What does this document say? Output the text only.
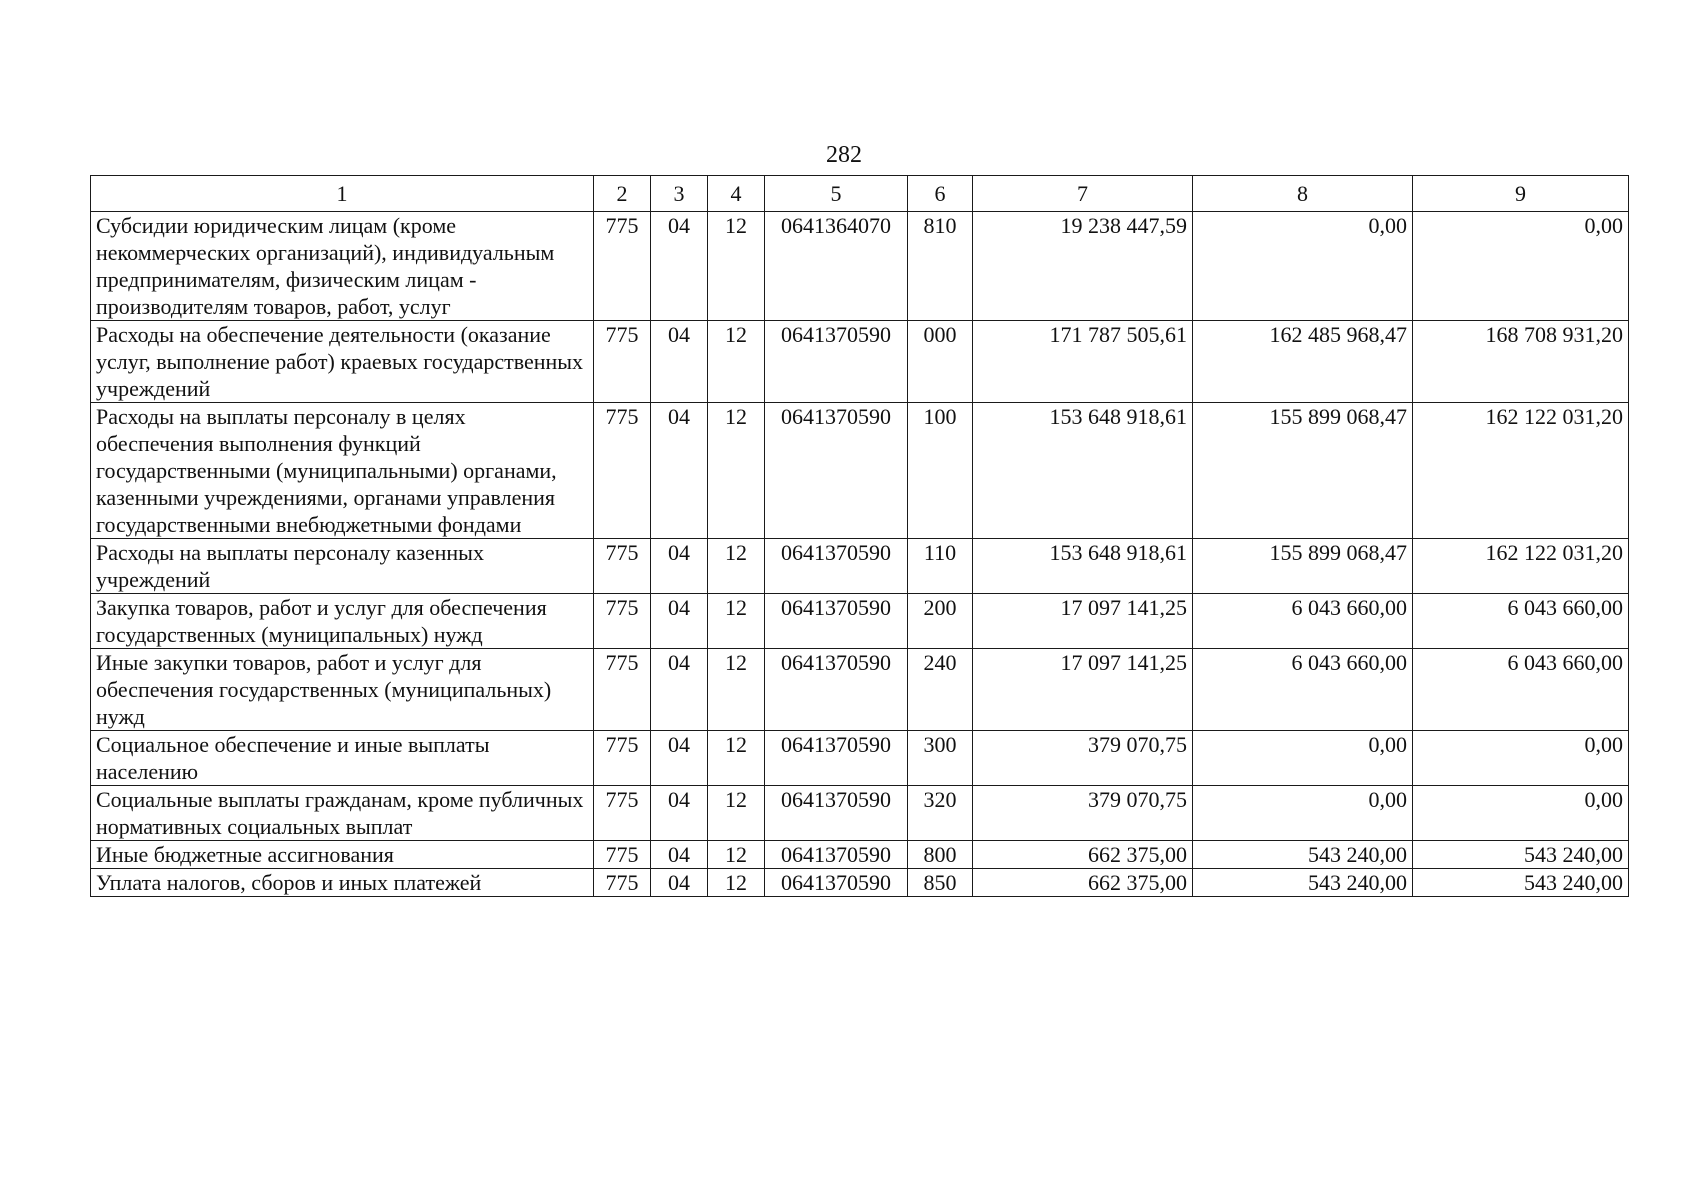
282
1	2	3	4	5	6	7	8	9
Субсидии юридическим лицам (кроме некоммерческих организаций), индивидуальным предпринимателям, физическим лицам - производителям товаров, работ, услуг	775	04	12	0641364070	810	19 238 447,59	0,00	0,00
Расходы на обеспечение деятельности (оказание услуг, выполнение работ) краевых государственных учреждений	775	04	12	0641370590	000	171 787 505,61	162 485 968,47	168 708 931,20
Расходы на выплаты персоналу в целях обеспечения выполнения функций государственными (муниципальными) органами, казенными учреждениями, органами управления государственными внебюджетными фондами	775	04	12	0641370590	100	153 648 918,61	155 899 068,47	162 122 031,20
Расходы на выплаты персоналу казенных учреждений	775	04	12	0641370590	110	153 648 918,61	155 899 068,47	162 122 031,20
Закупка товаров, работ и услуг для обеспечения государственных (муниципальных) нужд	775	04	12	0641370590	200	17 097 141,25	6 043 660,00	6 043 660,00
Иные закупки товаров, работ и услуг для обеспечения государственных (муниципальных) нужд	775	04	12	0641370590	240	17 097 141,25	6 043 660,00	6 043 660,00
Социальное обеспечение и иные выплаты населению	775	04	12	0641370590	300	379 070,75	0,00	0,00
Социальные выплаты гражданам, кроме публичных нормативных социальных выплат	775	04	12	0641370590	320	379 070,75	0,00	0,00
Иные бюджетные ассигнования	775	04	12	0641370590	800	662 375,00	543 240,00	543 240,00
Уплата налогов, сборов и иных платежей	775	04	12	0641370590	850	662 375,00	543 240,00	543 240,00
